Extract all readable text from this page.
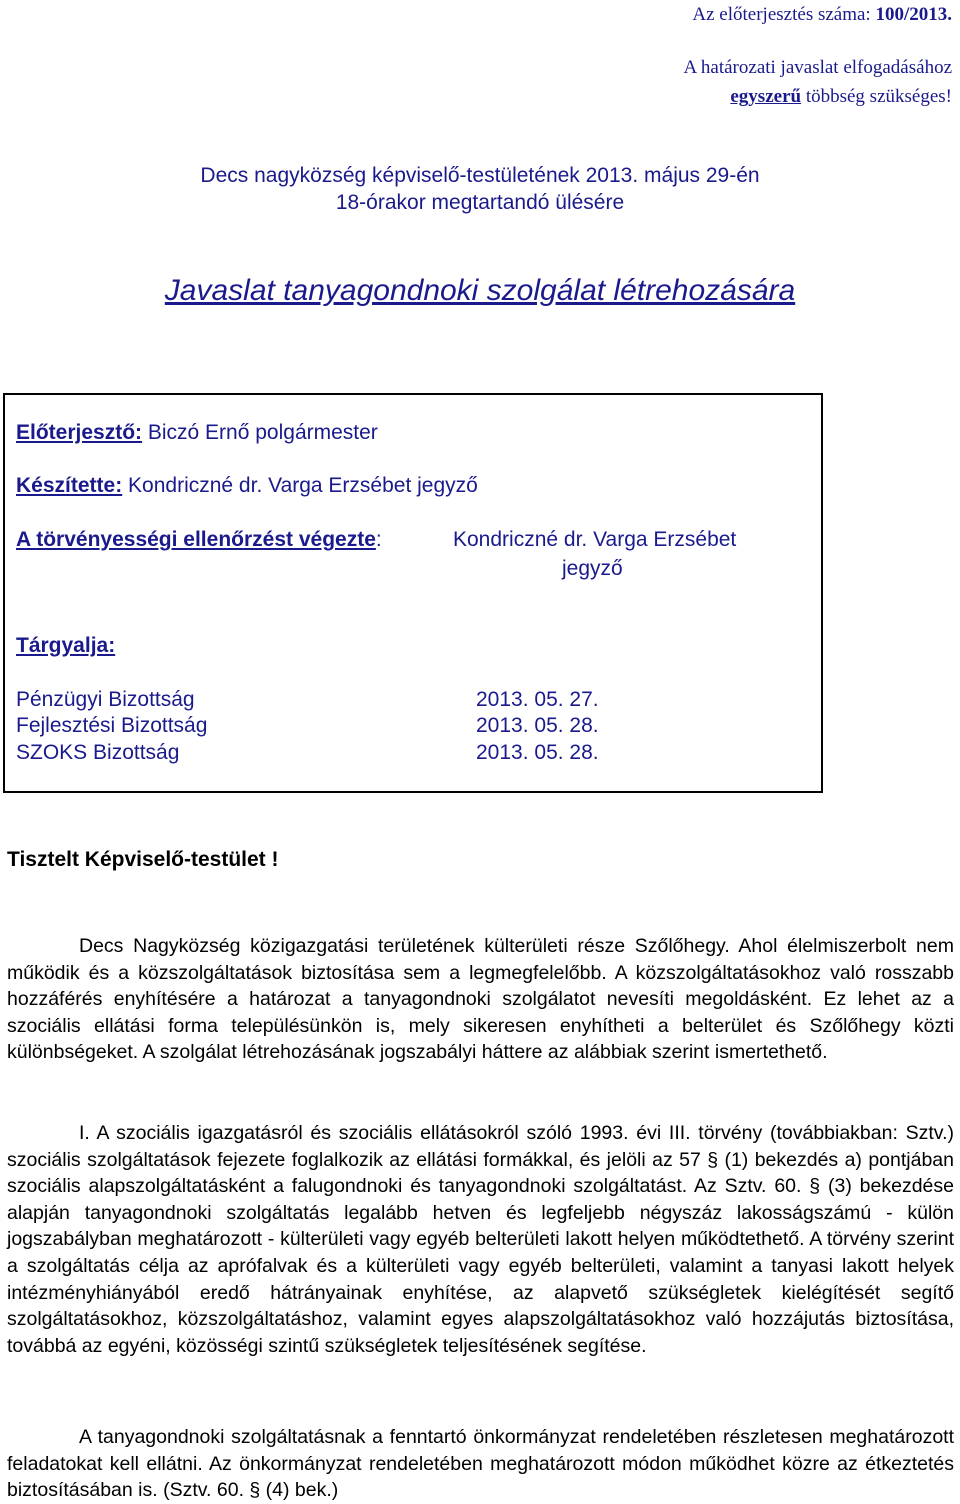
Az előterjesztés száma: 100/2013.
A határozati javaslat elfogadásához
egyszerű többség szükséges!
Decs nagyközség képviselő-testületének 2013. május 29-én
18-órakor megtartandó ülésére
Javaslat tanyagondnoki szolgálat létrehozására
Előterjesztő: Biczó Ernő polgármester
Készítette: Kondriczné dr. Varga Erzsébet jegyző
A törvényességi ellenőrzést végezte:	Kondriczné dr. Varga Erzsébet
jegyző
Tárgyalja:
Pénzügyi Bizottság	2013. 05. 27.
Fejlesztési Bizottság	2013. 05. 28.
SZOKS Bizottság	2013. 05. 28.
Tisztelt Képviselő-testület !
Decs Nagyközség közigazgatási területének külterületi része Szőlőhegy. Ahol élelmiszerbolt nem működik és a közszolgáltatások biztosítása sem a legmegfelelőbb. A közszolgáltatásokhoz való rosszabb hozzáférés enyhítésére a határozat a tanyagondnoki szolgálatot nevesíti megoldásként. Ez lehet az a szociális ellátási forma településünkön is, mely sikeresen enyhítheti a belterület és Szőlőhegy közti különbségeket. A szolgálat létrehozásának jogszabályi háttere az alábbiak szerint ismertethető.
I. A szociális igazgatásról és szociális ellátásokról szóló 1993. évi III. törvény (továbbiakban: Sztv.) szociális szolgáltatások fejezete foglalkozik az ellátási formákkal, és jelöli az 57 § (1) bekezdés a) pontjában szociális alapszolgáltatásként a falugondnoki és tanyagondnoki szolgáltatást. Az Sztv. 60. § (3) bekezdése alapján tanyagondnoki szolgáltatás legalább hetven és legfeljebb négyszáz lakosságszámú - külön jogszabályban meghatározott - külterületi vagy egyéb belterületi lakott helyen működtethető. A törvény szerint a szolgáltatás célja az aprófalvak és a külterületi vagy egyéb belterületi, valamint a tanyasi lakott helyek intézményhiányából eredő hátrányainak enyhítése, az alapvető szükségletek kielégítését segítő szolgáltatásokhoz, közszolgáltatáshoz, valamint egyes alapszolgáltatásokhoz való hozzájutás biztosítása, továbbá az egyéni, közösségi szintű szükségletek teljesítésének segítése.
A tanyagondnoki szolgáltatásnak a fenntartó önkormányzat rendeletében részletesen meghatározott feladatokat kell ellátni. Az önkormányzat rendeletében meghatározott módon működhet közre az étkeztetés biztosításában is. (Sztv. 60. § (4) bek.)
